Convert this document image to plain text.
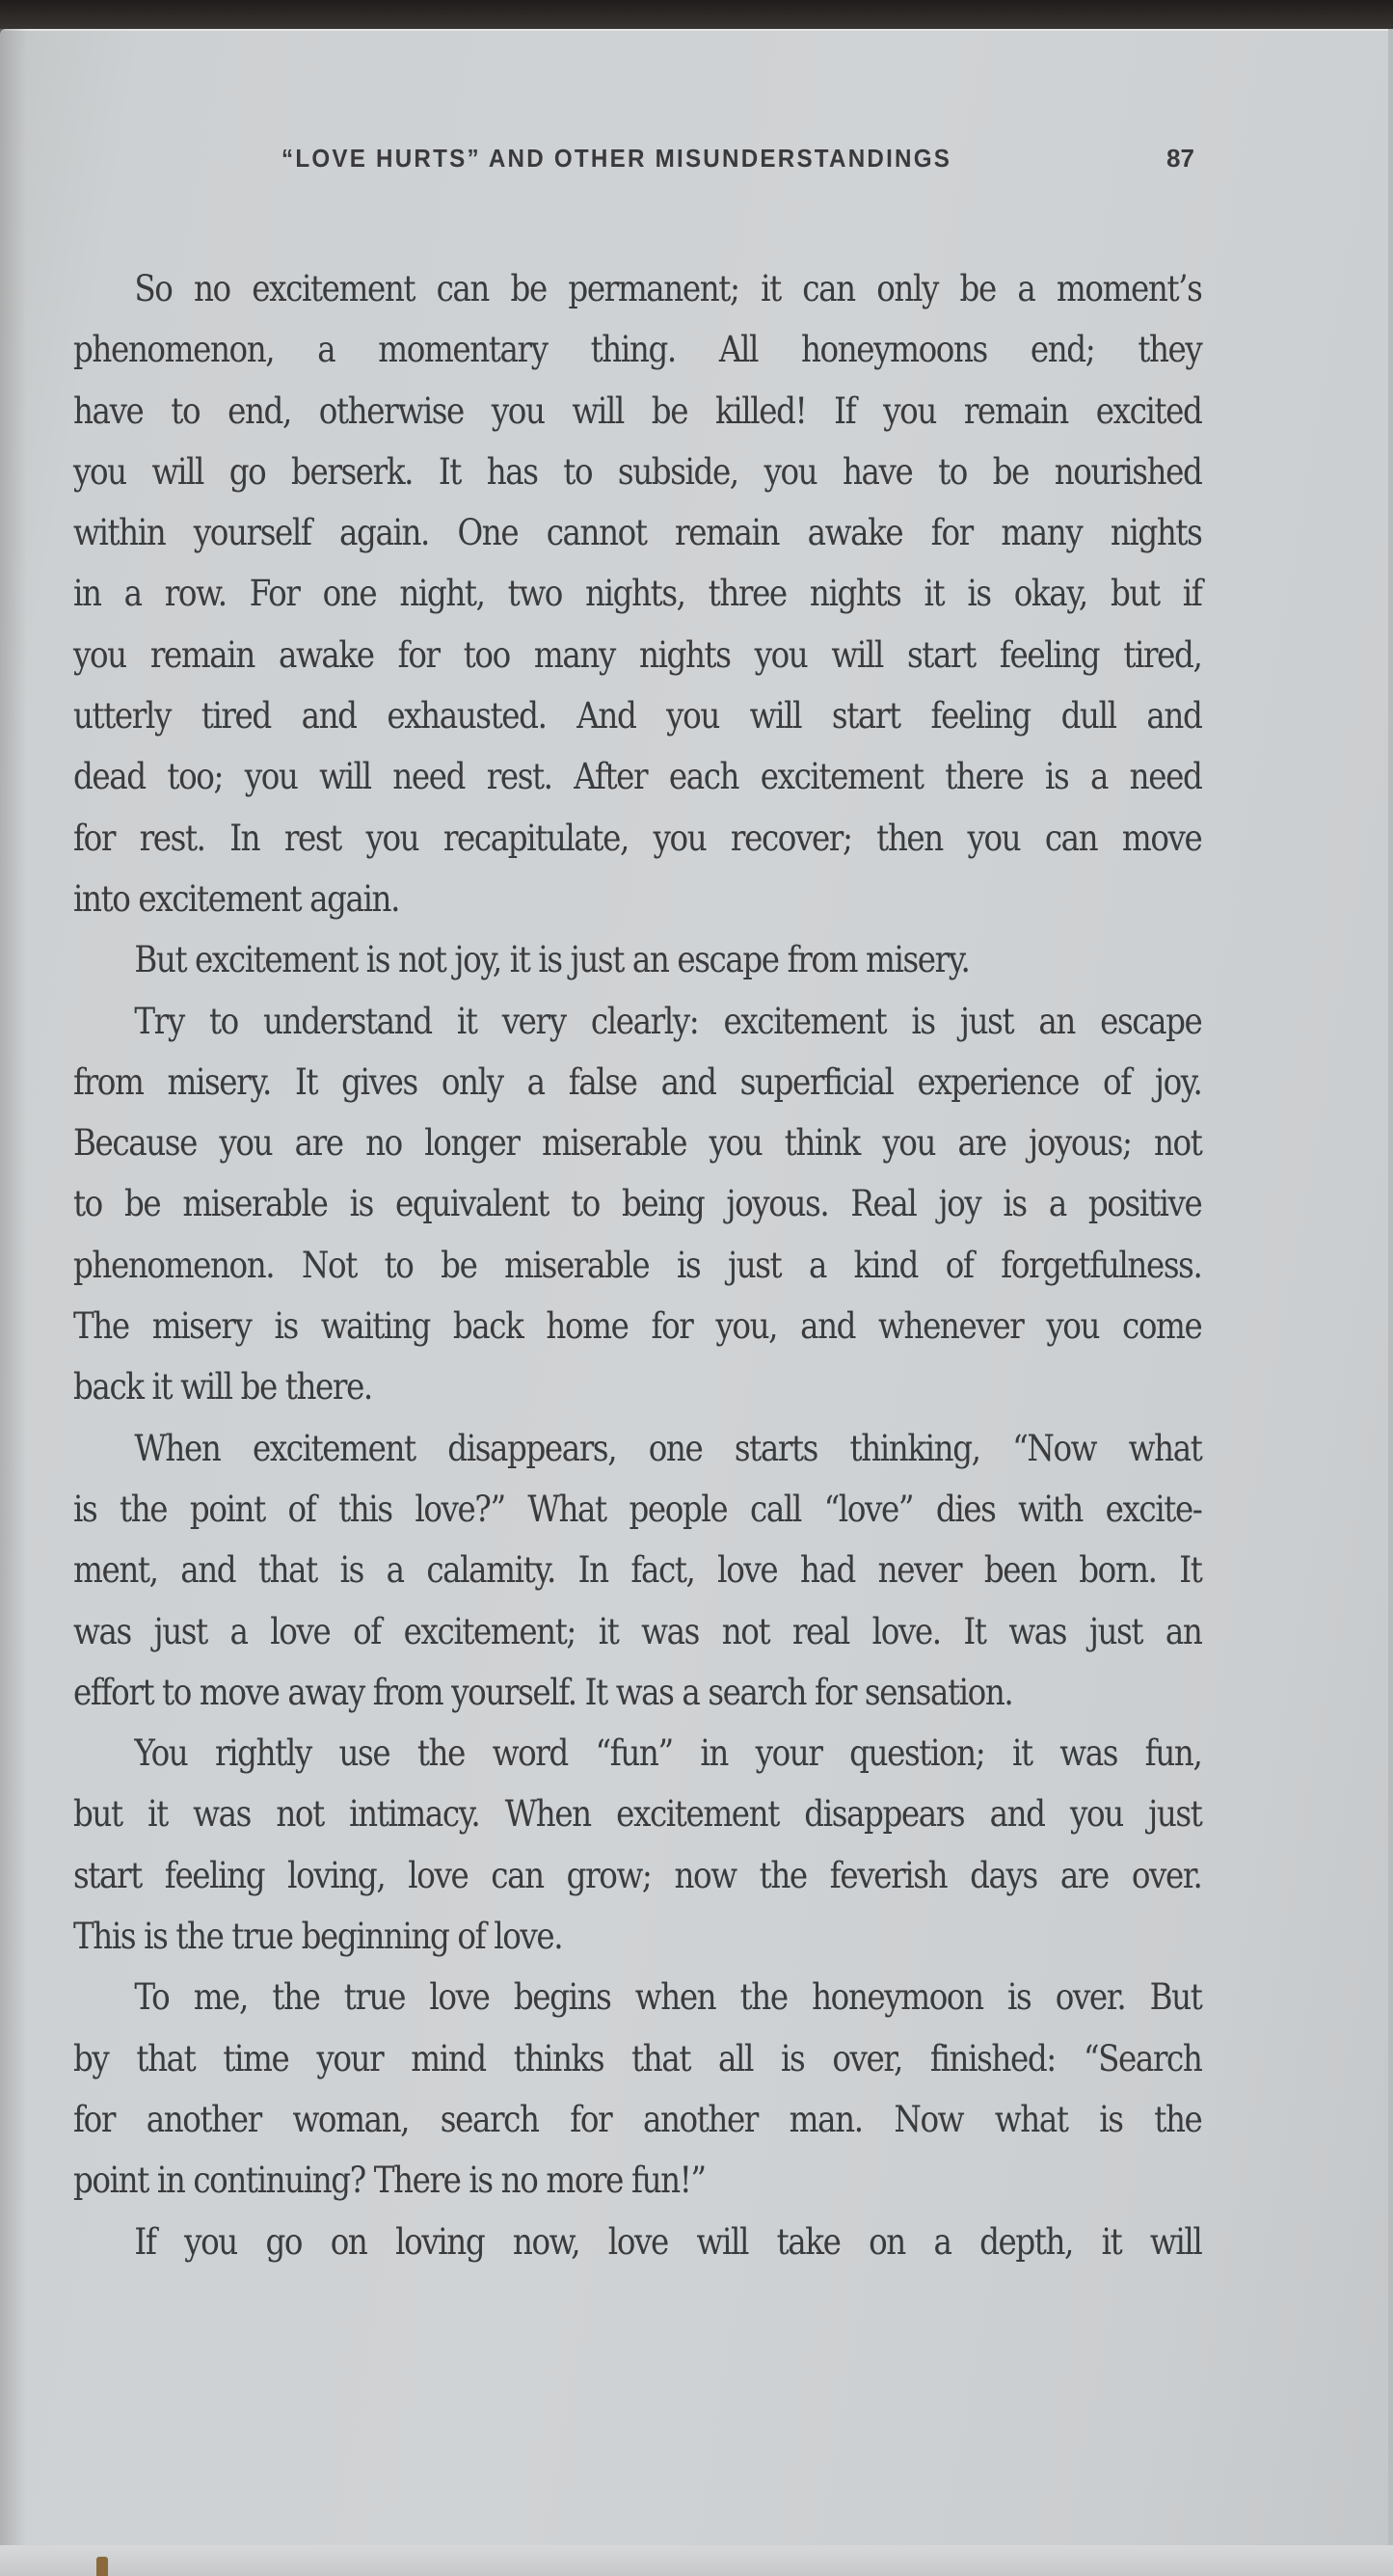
“LOVE HURTS” AND OTHER MISUNDERSTANDINGS	87
So no excitement can be permanent; it can only be a moment’s
phenomenon, a momentary thing. All honeymoons end; they
have to end, otherwise you will be killed! If you remain excited
you will go berserk. It has to subside, you have to be nourished
within yourself again. One cannot remain awake for many nights
in a row. For one night, two nights, three nights it is okay, but if
you remain awake for too many nights you will start feeling tired,
utterly tired and exhausted. And you will start feeling dull and
dead too; you will need rest. After each excitement there is a need
for rest. In rest you recapitulate, you recover; then you can move
into excitement again.
But excitement is not joy, it is just an escape from misery.
Try to understand it very clearly: excitement is just an escape
from misery. It gives only a false and superficial experience of joy.
Because you are no longer miserable you think you are joyous; not
to be miserable is equivalent to being joyous. Real joy is a positive
phenomenon. Not to be miserable is just a kind of forgetfulness.
The misery is waiting back home for you, and whenever you come
back it will be there.
When excitement disappears, one starts thinking, “Now what
is the point of this love?” What people call “love” dies with excite-
ment, and that is a calamity. In fact, love had never been born. It
was just a love of excitement; it was not real love. It was just an
effort to move away from yourself. It was a search for sensation.
You rightly use the word “fun” in your question; it was fun,
but it was not intimacy. When excitement disappears and you just
start feeling loving, love can grow; now the feverish days are over.
This is the true beginning of love.
To me, the true love begins when the honeymoon is over. But
by that time your mind thinks that all is over, finished: “Search
for another woman, search for another man. Now what is the
point in continuing? There is no more fun!”
If you go on loving now, love will take on a depth, it will
